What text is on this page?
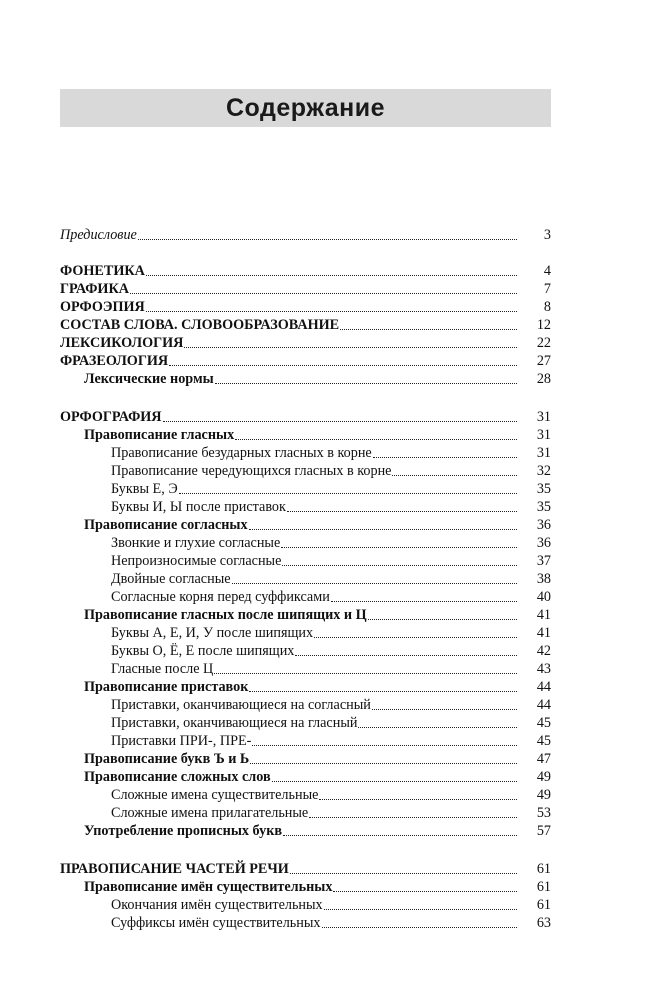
Содержание
Предисловие	3
ФОНЕТИКА	4
ГРАФИКА	7
ОРФОЭПИЯ	8
СОСТАВ СЛОВА. СЛОВООБРАЗОВАНИЕ	12
ЛЕКСИКОЛОГИЯ	22
ФРАЗЕОЛОГИЯ	27
Лексические нормы	28
ОРФОГРАФИЯ	31
Правописание гласных	31
Правописание безударных гласных в корне	31
Правописание чередующихся гласных в корне	32
Буквы Е, Э	35
Буквы И, Ы после приставок	35
Правописание согласных	36
Звонкие и глухие согласные	36
Непроизносимые согласные	37
Двойные согласные	38
Согласные корня перед суффиксами	40
Правописание гласных после шипящих и Ц	41
Буквы А, Е, И, У после шипящих	41
Буквы О, Ё, Е после шипящих	42
Гласные после Ц	43
Правописание приставок	44
Приставки, оканчивающиеся на согласный	44
Приставки, оканчивающиеся на гласный	45
Приставки ПРИ-, ПРЕ-	45
Правописание букв Ъ и Ь	47
Правописание сложных слов	49
Сложные имена существительные	49
Сложные имена прилагательные	53
Употребление прописных букв	57
ПРАВОПИСАНИЕ ЧАСТЕЙ РЕЧИ	61
Правописание имён существительных	61
Окончания имён существительных	61
Суффиксы имён существительных	63
